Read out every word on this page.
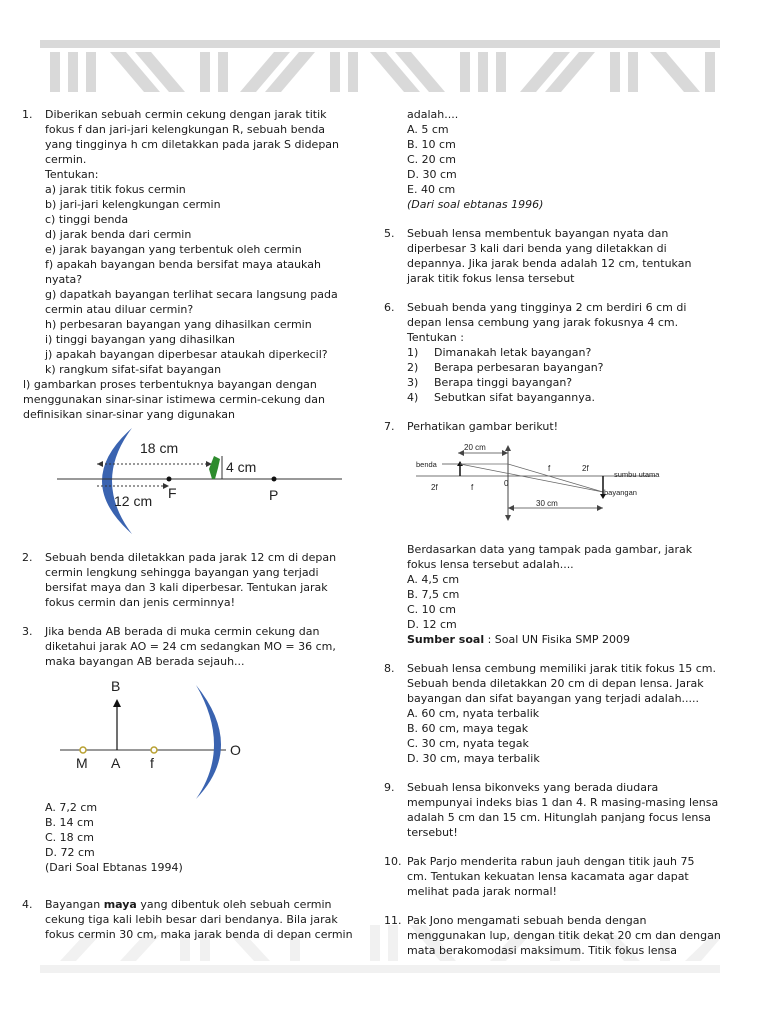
1. Diberikan sebuah cermin cekung dengan jarak titik
fokus f dan jari-jari kelengkungan R, sebuah benda
yang tingginya h cm diletakkan pada jarak S didepan
cermin.
Tentukan:
a) jarak titik fokus cermin
b) jari-jari kelengkungan cermin
c) tinggi benda
d) jarak benda dari cermin
e) jarak bayangan yang terbentuk oleh cermin
f) apakah bayangan benda bersifat maya ataukah
nyata?
g) dapatkah bayangan terlihat secara langsung pada
cermin atau diluar cermin?
h) perbesaran bayangan yang dihasilkan cermin
i) tinggi bayangan yang dihasilkan
j) apakah bayangan diperbesar ataukah diperkecil?
k) rangkum sifat-sifat bayangan
l) gambarkan proses terbentuknya bayangan dengan
menggunakan sinar-sinar istimewa cermin-cekung dan
definisikan sinar-sinar yang digunakan
18 cm
12 cm F	P
4 cm
2. Sebuah benda diletakkan pada jarak 12 cm di depan
cermin lengkung sehingga bayangan yang terjadi
bersifat maya dan 3 kali diperbesar. Tentukan jarak
fokus cermin dan jenis cerminnya!
3. Jika benda AB berada di muka cermin cekung dan
diketahui jarak AO = 24 cm sedangkan MO = 36 cm,
maka bayangan AB berada sejauh...
B
M A f
O
A. 7,2 cm
B. 14 cm
C. 18 cm
D. 72 cm
(Dari Soal Ebtanas 1994)
4. Bayangan maya yang dibentuk oleh sebuah cermin
cekung tiga kali lebih besar dari bendanya. Bila jarak
fokus cermin 30 cm, maka jarak benda di depan cermin
adalah....
A. 5 cm
B. 10 cm
C. 20 cm
D. 30 cm
E. 40 cm
(Dari soal ebtanas 1996)
5. Sebuah lensa membentuk bayangan nyata dan
diperbesar 3 kali dari benda yang diletakkan di
depannya. Jika jarak benda adalah 12 cm, tentukan
jarak titik fokus lensa tersebut
6. Sebuah benda yang tingginya 2 cm berdiri 6 cm di
depan lensa cembung yang jarak fokusnya 4 cm.
Tentukan :
1) Dimanakah letak bayangan?
2) Berapa perbesaran bayangan?
3) Berapa tinggi bayangan?
4) Sebutkan sifat bayangannya.
7. Perhatikan gambar berikut!
20 cm
benda	f	2f
sumbu utama
2f	f	0
bayangan
30 cm
Berdasarkan data yang tampak pada gambar, jarak
fokus lensa tersebut adalah....
A. 4,5 cm
B. 7,5 cm
C. 10 cm
D. 12 cm
Sumber soal : Soal UN Fisika SMP 2009
8. Sebuah lensa cembung memiliki jarak titik fokus 15 cm.
Sebuah benda diletakkan 20 cm di depan lensa. Jarak
bayangan dan sifat bayangan yang terjadi adalah.....
A. 60 cm, nyata terbalik
B. 60 cm, maya tegak
C. 30 cm, nyata tegak
D. 30 cm, maya terbalik
9. Sebuah lensa bikonveks yang berada diudara
mempunyai indeks bias 1 dan 4. R masing-masing lensa
adalah 5 cm dan 15 cm. Hitunglah panjang focus lensa
tersebut!
10. Pak Parjo menderita rabun jauh dengan titik jauh 75
cm. Tentukan kekuatan lensa kacamata agar dapat
melihat pada jarak normal!
11. Pak Jono mengamati sebuah benda dengan
menggunakan lup, dengan titik dekat 20 cm dan dengan
mata berakomodasi maksimum. Titik fokus lensa
